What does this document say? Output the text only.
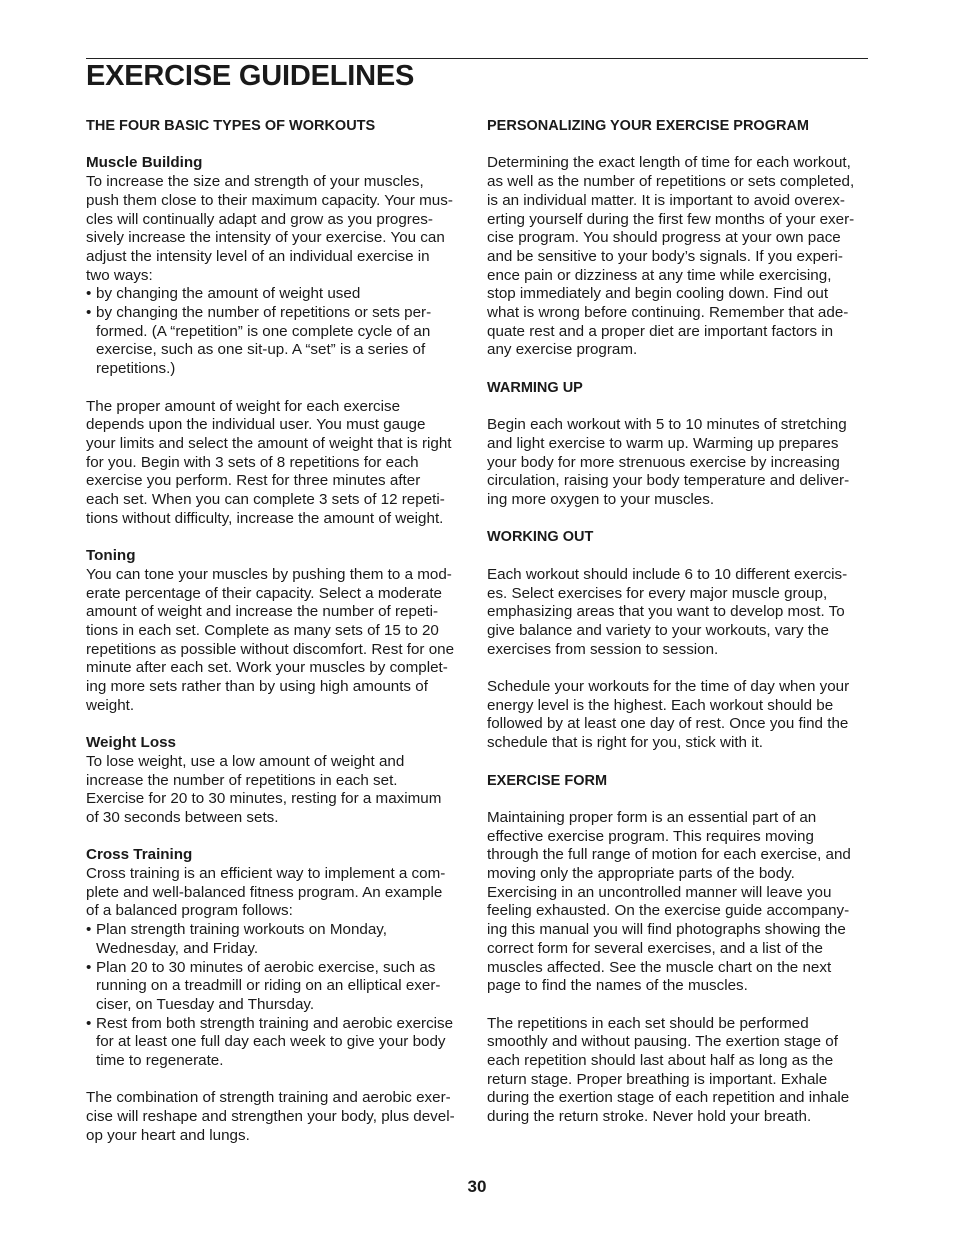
EXERCISE GUIDELINES

THE FOUR BASIC TYPES OF WORKOUTS

Muscle Building

To increase the size and strength of your muscles,

push them close to their maximum capacity. Your mus-

cles will continually adapt and grow as you progres-

sively increase the intensity of your exercise. You can

adjust the intensity level of an individual exercise in

two ways:

• by changing the amount of weight used

• by changing the number of repetitions or sets per-

formed. (A “repetition” is one complete cycle of an

exercise, such as one sit-up. A “set” is a series of

repetitions.)

The proper amount of weight for each exercise

depends upon the individual user. You must gauge

your limits and select the amount of weight that is right

for you. Begin with 3 sets of 8 repetitions for each

exercise you perform. Rest for three minutes after

each set. When you can complete 3 sets of 12 repeti-

tions without difficulty, increase the amount of weight.

Toning

You can tone your muscles by pushing them to a mod-

erate percentage of their capacity. Select a moderate

amount of weight and increase the number of repeti-

tions in each set. Complete as many sets of 15 to 20

repetitions as possible without discomfort. Rest for one

minute after each set. Work your muscles by complet-

ing more sets rather than by using high amounts of

weight.

Weight Loss

To lose weight, use a low amount of weight and

increase the number of repetitions in each set.

Exercise for 20 to 30 minutes, resting for a maximum

of 30 seconds between sets.

Cross Training

Cross training is an efficient way to implement a com-

plete and well-balanced fitness program. An example

of a balanced program follows:

• Plan strength training workouts on Monday,

Wednesday, and Friday.

• Plan 20 to 30 minutes of aerobic exercise, such as

running on a treadmill or riding on an elliptical exer-

ciser, on Tuesday and Thursday.

• Rest from both strength training and aerobic exercise

for at least one full day each week to give your body

time to regenerate.

The combination of strength training and aerobic exer-

cise will reshape and strengthen your body, plus devel-

op your heart and lungs.

PERSONALIZING YOUR EXERCISE PROGRAM

Determining the exact length of time for each workout,

as well as the number of repetitions or sets completed,

is an individual matter. It is important to avoid overex-

erting yourself during the first few months of your exer-

cise program. You should progress at your own pace

and be sensitive to your body’s signals. If you experi-

ence pain or dizziness at any time while exercising,

stop immediately and begin cooling down. Find out

what is wrong before continuing. Remember that ade-

quate rest and a proper diet are important factors in

any exercise program.

WARMING UP

Begin each workout with 5 to 10 minutes of stretching

and light exercise to warm up. Warming up prepares

your body for more strenuous exercise by increasing

circulation, raising your body temperature and deliver-

ing more oxygen to your muscles.

WORKING OUT

Each workout should include 6 to 10 different exercis-

es. Select exercises for every major muscle group,

emphasizing areas that you want to develop most. To

give balance and variety to your workouts, vary the

exercises from session to session.

Schedule your workouts for the time of day when your

energy level is the highest. Each workout should be

followed by at least one day of rest. Once you find the

schedule that is right for you, stick with it.

EXERCISE FORM

Maintaining proper form is an essential part of an

effective exercise program. This requires moving

through the full range of motion for each exercise, and

moving only the appropriate parts of the body.

Exercising in an uncontrolled manner will leave you

feeling exhausted. On the exercise guide accompany-

ing this manual you will find photographs showing the

correct form for several exercises, and a list of the

muscles affected. See the muscle chart on the next

page to find the names of the muscles.

The repetitions in each set should be performed

smoothly and without pausing. The exertion stage of

each repetition should last about half as long as the

return stage. Proper breathing is important. Exhale

during the exertion stage of each repetition and inhale

during the return stroke. Never hold your breath.

30
